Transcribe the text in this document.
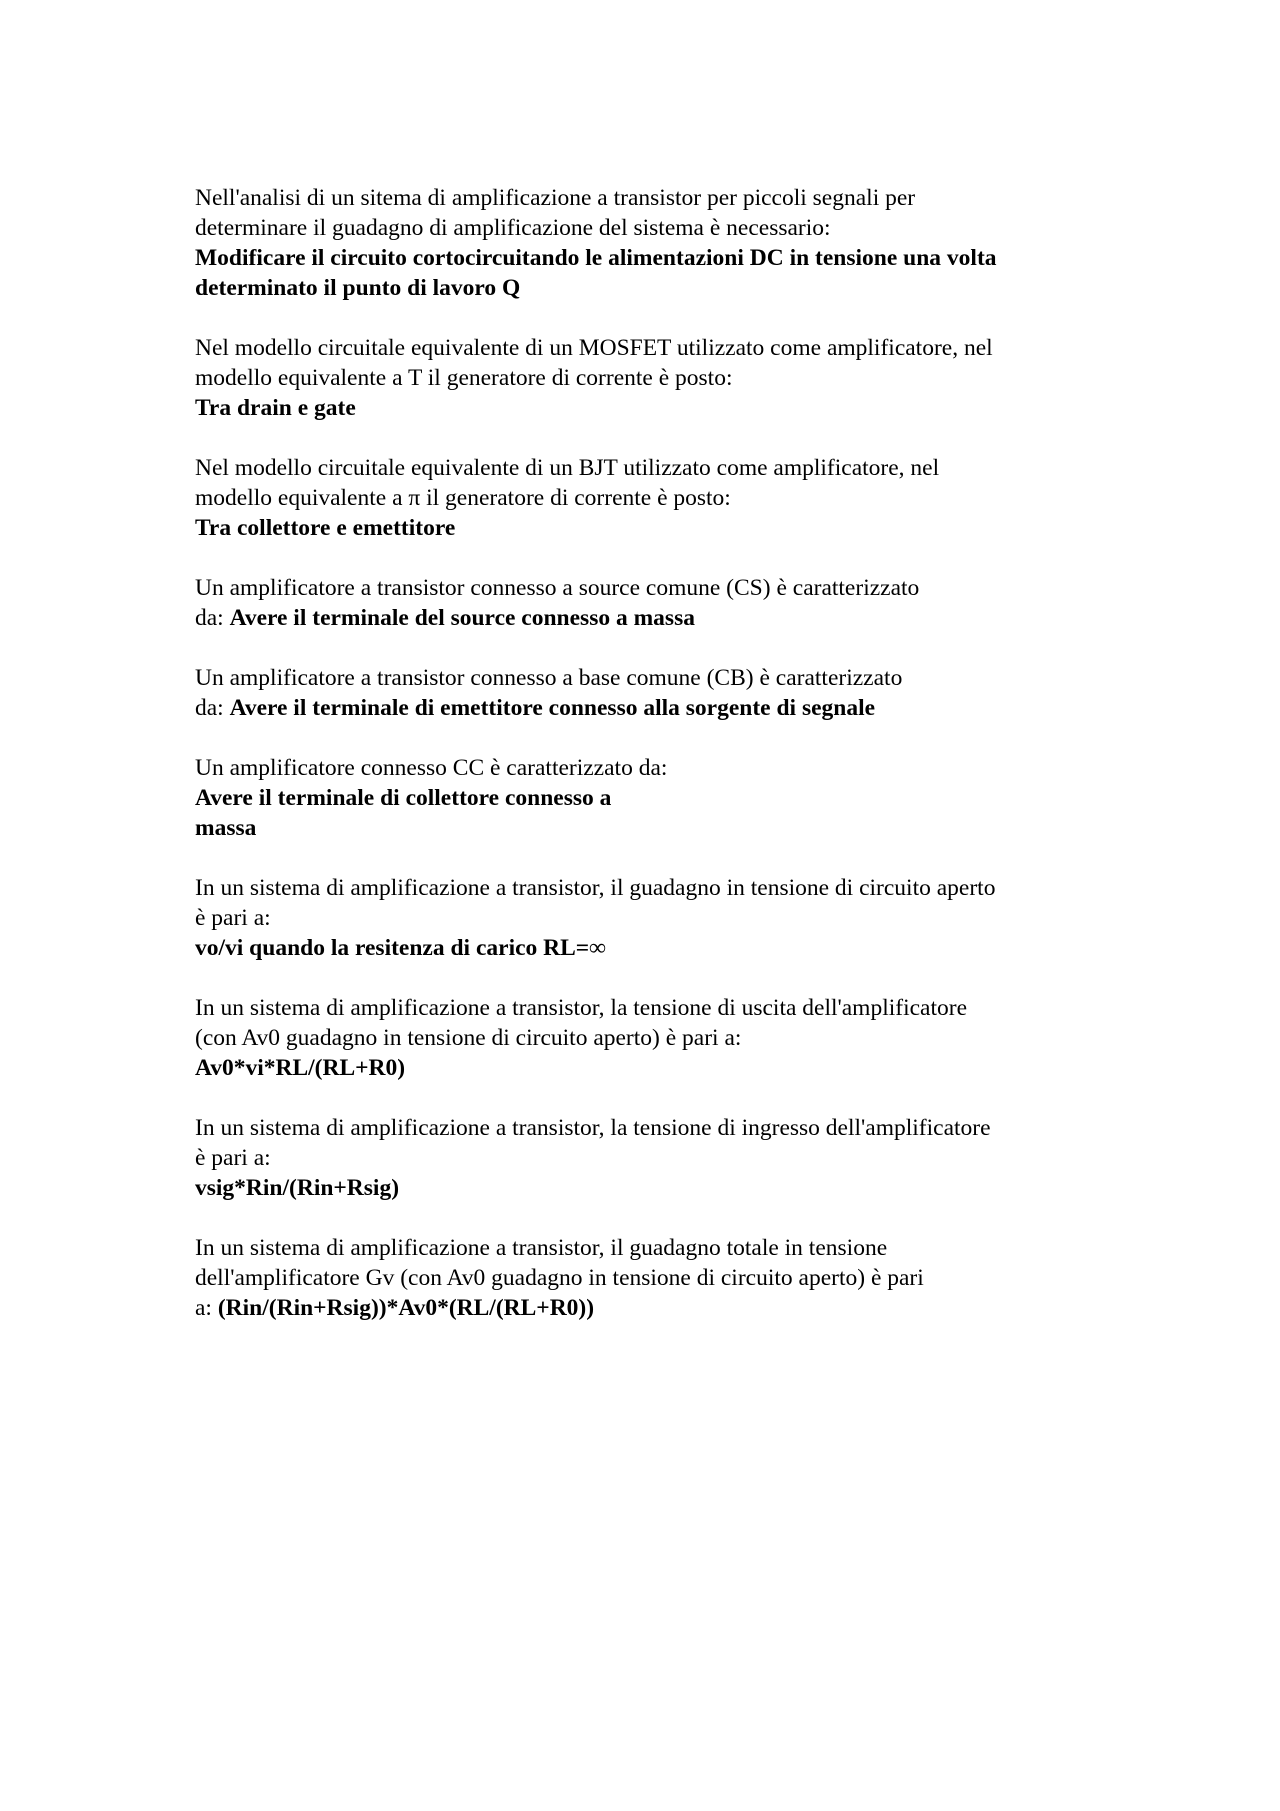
Nell'analisi di un sitema di amplificazione a transistor per piccoli segnali per
determinare il guadagno di amplificazione del sistema è necessario:
Modificare il circuito cortocircuitando le alimentazioni DC in tensione una volta
determinato il punto di lavoro Q
Nel modello circuitale equivalente di un MOSFET utilizzato come amplificatore, nel
modello equivalente a T il generatore di corrente è posto:
Tra drain e gate
Nel modello circuitale equivalente di un BJT utilizzato come amplificatore, nel
modello equivalente a π il generatore di corrente è posto:
Tra collettore e emettitore
Un amplificatore a transistor connesso a source comune (CS) è caratterizzato
da: Avere il terminale del source connesso a massa
Un amplificatore a transistor connesso a base comune (CB) è caratterizzato
da: Avere il terminale di emettitore connesso alla sorgente di segnale
Un amplificatore connesso CC è caratterizzato da:
Avere il terminale di collettore connesso a
massa
In un sistema di amplificazione a transistor, il guadagno in tensione di circuito aperto
è pari a:
vo/vi quando la resitenza di carico RL=∞
In un sistema di amplificazione a transistor, la tensione di uscita dell'amplificatore
(con Av0 guadagno in tensione di circuito aperto) è pari a:
Av0*vi*RL/(RL+R0)
In un sistema di amplificazione a transistor, la tensione di ingresso dell'amplificatore
è pari a:
vsig*Rin/(Rin+Rsig)
In un sistema di amplificazione a transistor, il guadagno totale in tensione
dell'amplificatore Gv (con Av0 guadagno in tensione di circuito aperto) è pari
a: (Rin/(Rin+Rsig))*Av0*(RL/(RL+R0))
